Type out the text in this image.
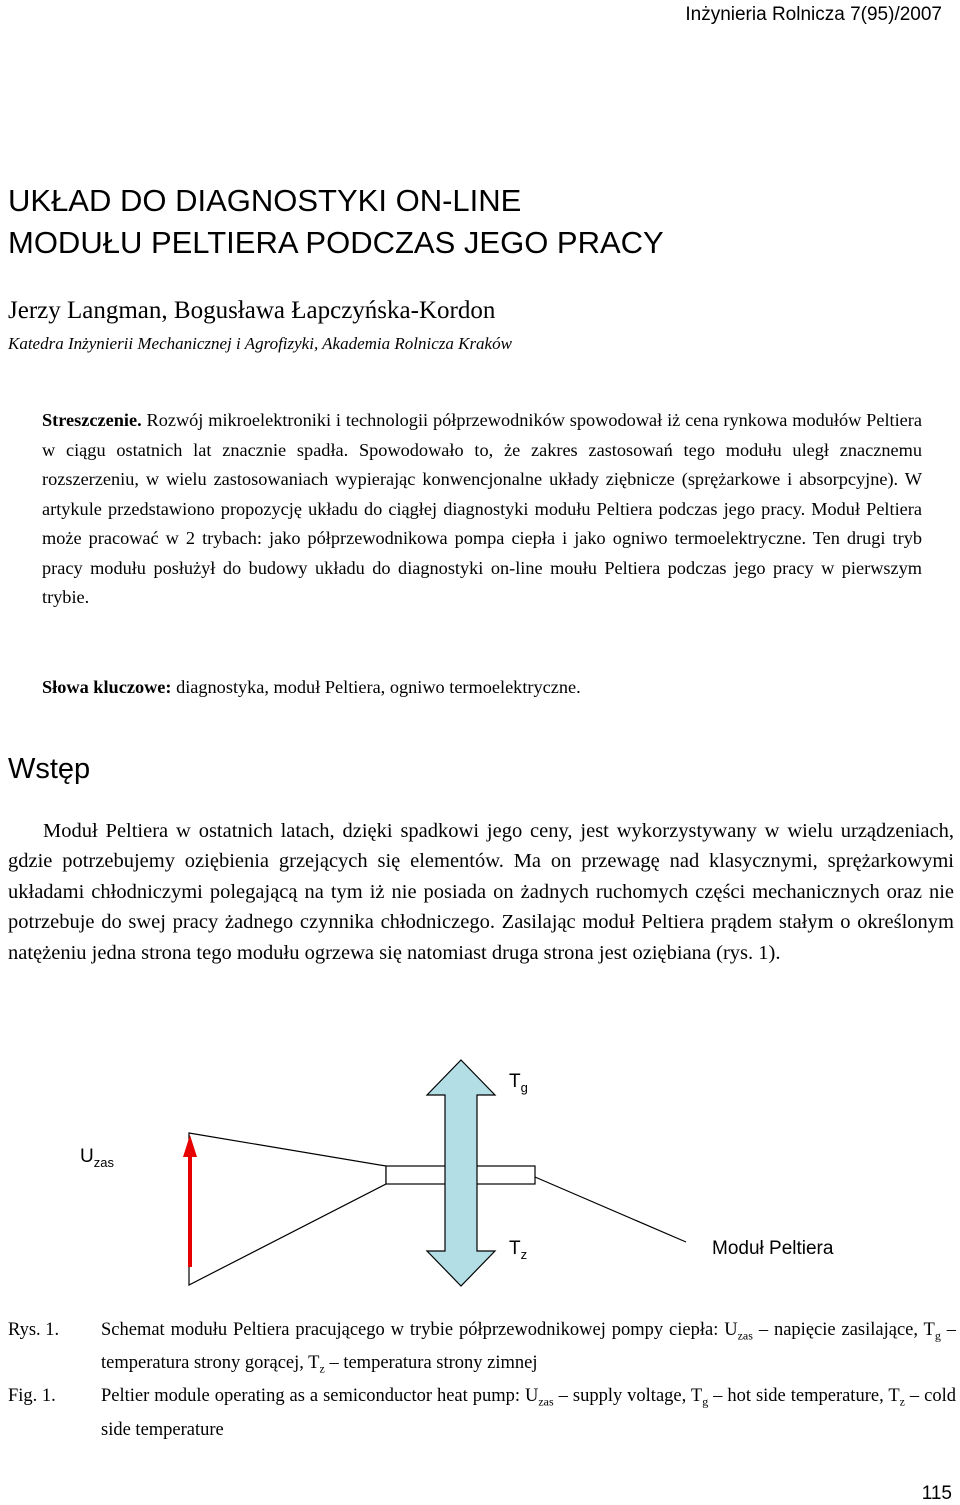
Inżynieria Rolnicza 7(95)/2007
UKŁAD DO DIAGNOSTYKI ON-LINE
MODUŁU PELTIERA PODCZAS JEGO PRACY
Jerzy Langman, Bogusława Łapczyńska-Kordon
Katedra Inżynierii Mechanicznej i Agrofizyki, Akademia Rolnicza Kraków
Streszczenie. Rozwój mikroelektroniki i technologii półprzewodników spowodował iż cena rynkowa modułów Peltiera w ciągu ostatnich lat znacznie spadła. Spowodowało to, że zakres zastosowań tego modułu uległ znacznemu rozszerzeniu, w wielu zastosowaniach wypierając konwencjonalne układy ziębnicze (sprężarkowe i absorpcyjne). W artykule przedstawiono propozycję układu do ciągłej diagnostyki modułu Peltiera podczas jego pracy. Moduł Peltiera może pracować w 2 trybach: jako półprzewodnikowa pompa ciepła i jako ogniwo termoelektryczne. Ten drugi tryb pracy modułu posłużył do budowy układu do diagnostyki on-line moułu Peltiera podczas jego pracy w pierwszym trybie.
Słowa kluczowe: diagnostyka, moduł Peltiera, ogniwo termoelektryczne.
Wstęp
Moduł Peltiera w ostatnich latach, dzięki spadkowi jego ceny, jest wykorzystywany w wielu urządzeniach, gdzie potrzebujemy oziębienia grzejących się elementów. Ma on przewagę nad klasycznymi, sprężarkowymi układami chłodniczymi polegającą na tym iż nie posiada on żadnych ruchomych części mechanicznych oraz nie potrzebuje do swej pracy żadnego czynnika chłodniczego. Zasilając moduł Peltiera prądem stałym o określonym natężeniu jedna strona tego modułu ogrzewa się natomiast druga strona jest oziębiana (rys. 1).
$T_g$
$U_{zas}$
$T_z$	Moduł Peltiera
Rys. 1.	Schemat modułu Peltiera pracującego w trybie półprzewodnikowej pompy ciepła: $U_{zas}$ – napięcie zasilające, $T_g$ – temperatura strony gorącej, $T_z$ – temperatura strony zimnej
Fig. 1.	Peltier module operating as a semiconductor heat pump: $U_{zas}$ – supply voltage, $T_g$ – hot side temperature, $T_z$ – cold side temperature
115
